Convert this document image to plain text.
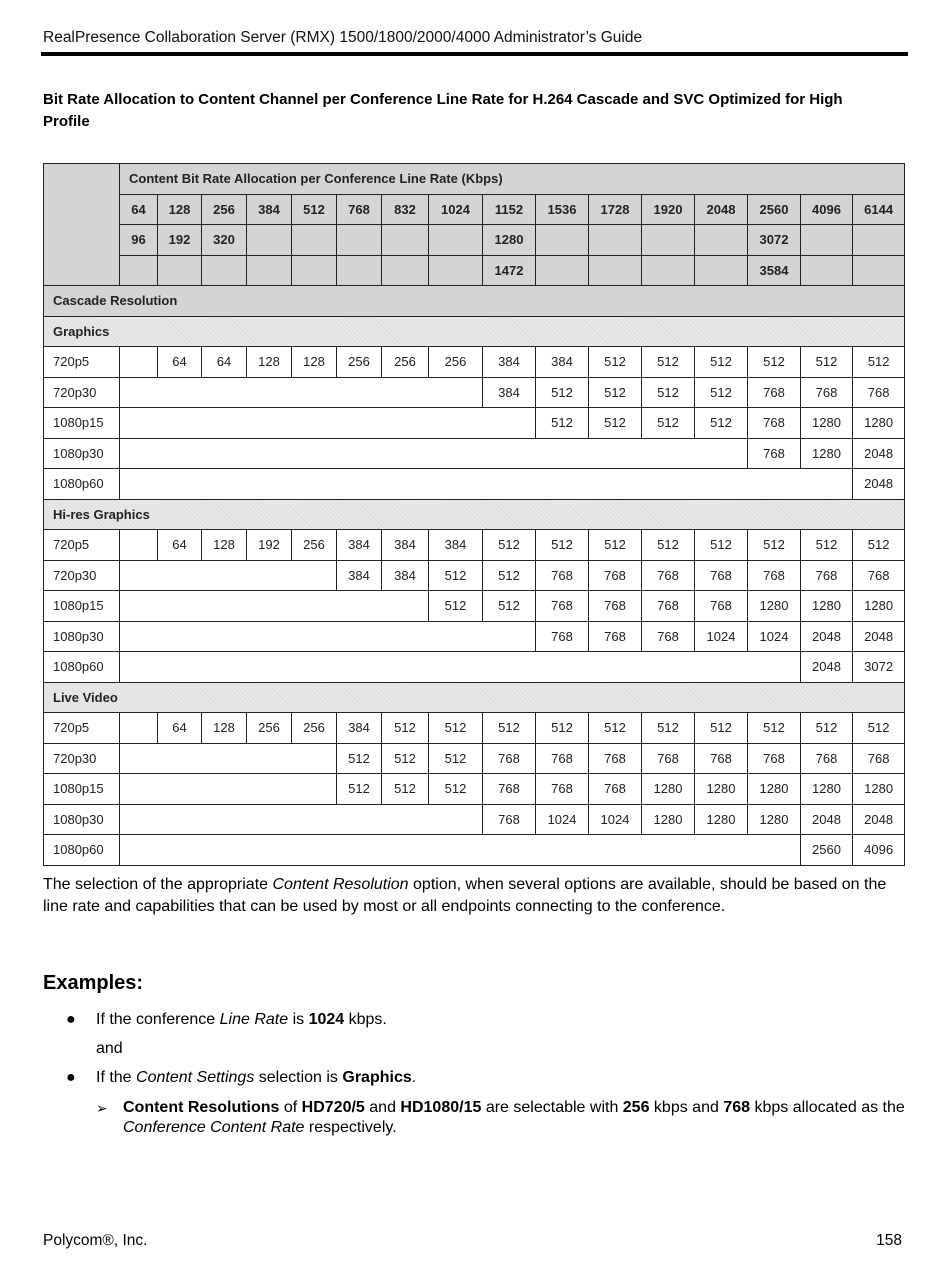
RealPresence Collaboration Server (RMX) 1500/1800/2000/4000 Administrator’s Guide
Bit Rate Allocation to Content Channel per Conference Line Rate for H.264 Cascade and SVC Optimized for High Profile
	Content Bit Rate Allocation per Conference Line Rate (Kbps)															
	64	128	256	384	512	768	832	1024	1152	1536	1728	1920	2048	2560	4096	6144
	96	192	320						1280					3072		
									1472					3584		
Cascade Resolution																
Graphics																
720p5		64	64	128	128	256	256	256	384	384	512	512	512	512	512	512
720p30									384	512	512	512	512	768	768	768
1080p15										512	512	512	512	768	1280	1280
1080p30														768	1280	2048
1080p60																2048
Hi-res Graphics																
720p5		64	128	192	256	384	384	384	512	512	512	512	512	512	512	512
720p30						384	384	512	512	768	768	768	768	768	768	768
1080p15								512	512	768	768	768	768	1280	1280	1280
1080p30										768	768	768	1024	1024	2048	2048
1080p60															2048	3072
Live Video																
720p5		64	128	256	256	384	512	512	512	512	512	512	512	512	512	512
720p30						512	512	512	768	768	768	768	768	768	768	768
1080p15						512	512	512	768	768	768	1280	1280	1280	1280	1280
1080p30									768	1024	1024	1280	1280	1280	2048	2048
1080p60															2560	4096
The selection of the appropriate Content Resolution option, when several options are available, should be based on the line rate and capabilities that can be used by most or all endpoints connecting to the conference.
Examples:
● If the conference Line Rate is 1024 kbps.
and
● If the Content Settings selection is Graphics.
➢ Content Resolutions of HD720/5 and HD1080/15 are selectable with 256 kbps and 768 kbps allocated as the Conference Content Rate respectively.
Polycom®, Inc.	158
